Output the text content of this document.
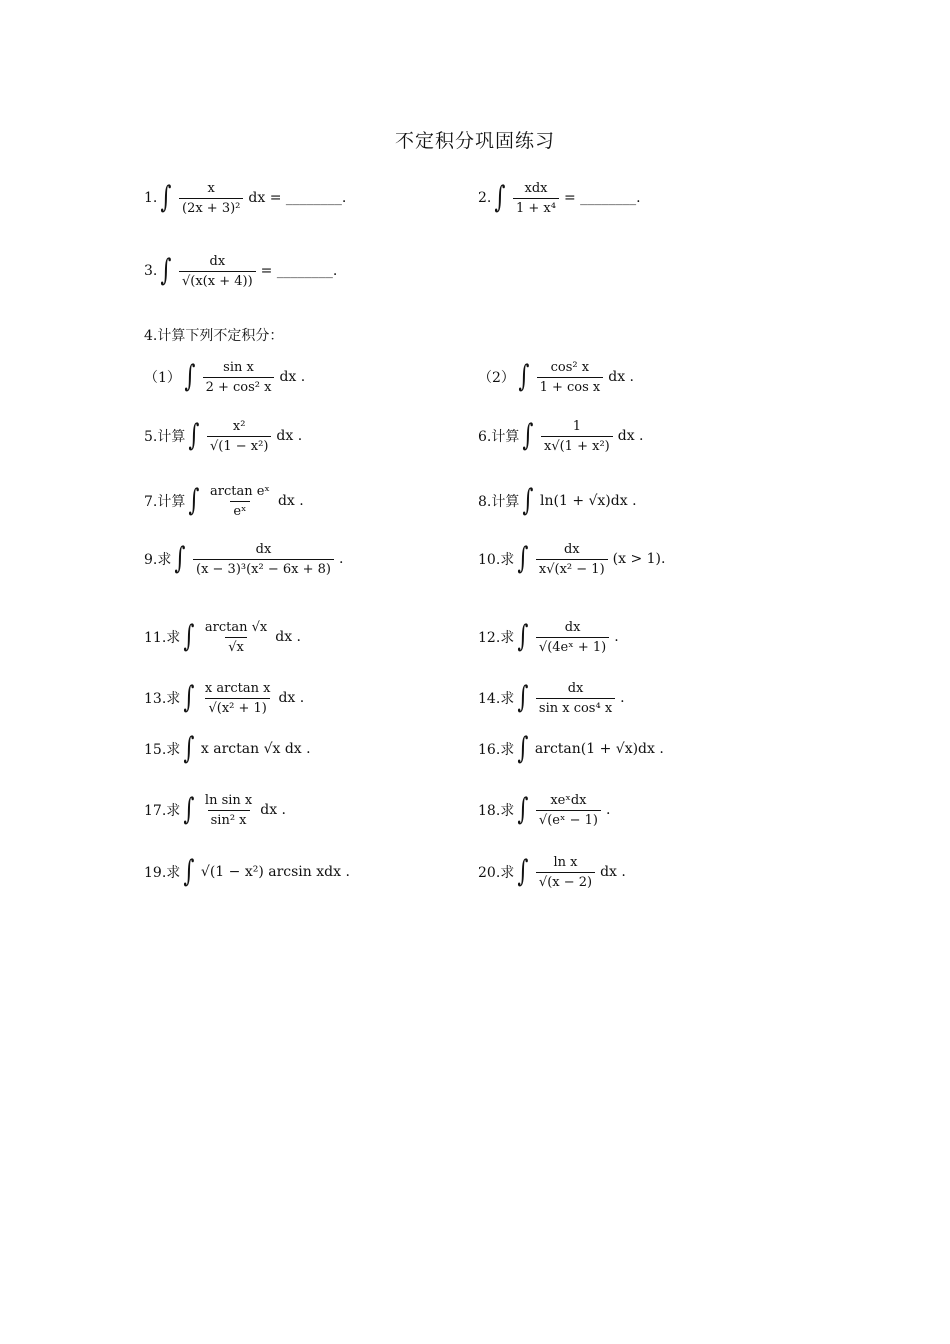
不定积分巩固练习
1. ∫ $\frac{x}{\text{(2x + 3)²}}$ dx = ________.	2. ∫ $\frac{\text{xdx}}{\text{1 + x⁴}}$ = ________.
3. ∫ $\frac{dx}{√(x(x + 4))}$ = ________.
4.计算下列不定积分：
（1） ∫ $\frac{\text{sin x}}{\text{2 + cos² x}}$ dx .	（2） ∫ $\frac{\text{cos² x}}{\text{1 + cos x}}$ dx .
5.计算 ∫ $\frac{\text{x²}}{\text{√(1 − x²)}}$ dx .	6.计算 ∫ $\frac{1}{\text{x√(1 + x²)}}$ dx .
7.计算 ∫ $\frac{\text{arctan eˣ}}{\text{eˣ}}$ dx .	8.计算 ∫ ln(1 + √x)dx .
9.求 ∫ $\frac{dx}{\text{(x − 3)³(x² − 6x + 8)}}$ .	10.求 ∫ $\frac{dx}{\text{x√(x² − 1)}} (x > 1)$.
11.求 ∫ $\frac{\arctan √x}{√x}$ dx .	12.求 ∫ $\frac{dx}{\text{√(4eˣ + 1)}}$ .
13.求 ∫ $\frac{\text{x arctan x}}{\text{√(x² + 1)}}$ dx .	14.求 ∫ $\frac{dx}{\text{sin x cos⁴ x}}$ .
15.求 ∫ x arctan √x dx .	16.求 ∫ arctan(1 + √x)dx .
17.求 ∫ $\frac{\text{ln sin x}}{\text{sin² x}}$ dx .	18.求 ∫ $\frac{\text{xeˣdx}}{\text{√(eˣ − 1)}}$ .
19.求 ∫ √(1 − x²) arcsin xdx .	20.求 ∫ $\frac{\text{ln x}}{√(x - 2)}$ dx .
